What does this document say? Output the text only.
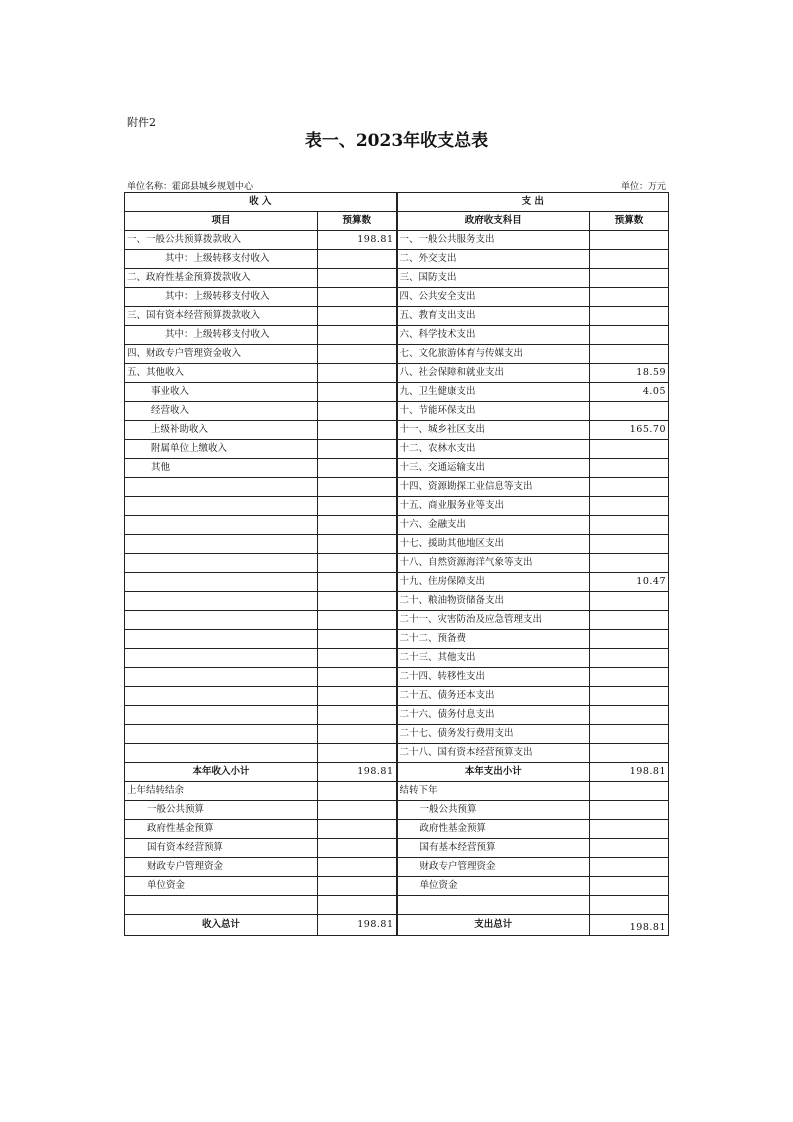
附件2
表一、2023年收支总表
单位名称：霍邱县城乡规划中心	单位：万元
收 入		支 出	
项目	预算数	政府收支科目	预算数
一、一般公共预算拨款收入	198.81	一、一般公共服务支出	
其中：上级转移支付收入		二、外交支出	
二、政府性基金预算拨款收入		三、国防支出	
其中：上级转移支付收入		四、公共安全支出	
三、国有资本经营预算拨款收入		五、教育支出支出	
其中：上级转移支付收入		六、科学技术支出	
四、财政专户管理资金收入		七、文化旅游体育与传媒支出	
五、其他收入		八、社会保障和就业支出	18.59
事业收入		九、卫生健康支出	4.05
经营收入		十、节能环保支出	
上级补助收入		十一、城乡社区支出	165.70
附属单位上缴收入		十二、农林水支出	
其他		十三、交通运输支出	
		十四、资源勘探工业信息等支出	
		十五、商业服务业等支出	
		十六、金融支出	
		十七、援助其他地区支出	
		十八、自然资源海洋气象等支出	
		十九、住房保障支出	10.47
		二十、粮油物资储备支出	
		二十一、灾害防治及应急管理支出	
		二十二、预备费	
		二十三、其他支出	
		二十四、转移性支出	
		二十五、债务还本支出	
		二十六、债务付息支出	
		二十七、债务发行费用支出	
		二十八、国有资本经营预算支出	
本年收入小计	198.81	本年支出小计	198.81
上年结转结余		结转下年	
一般公共预算		一般公共预算	
政府性基金预算		政府性基金预算	
国有资本经营预算		国有基本经营预算	
财政专户管理资金		财政专户管理资金	
单位资金		单位资金	

收入总计	198.81	支出总计	198.81
